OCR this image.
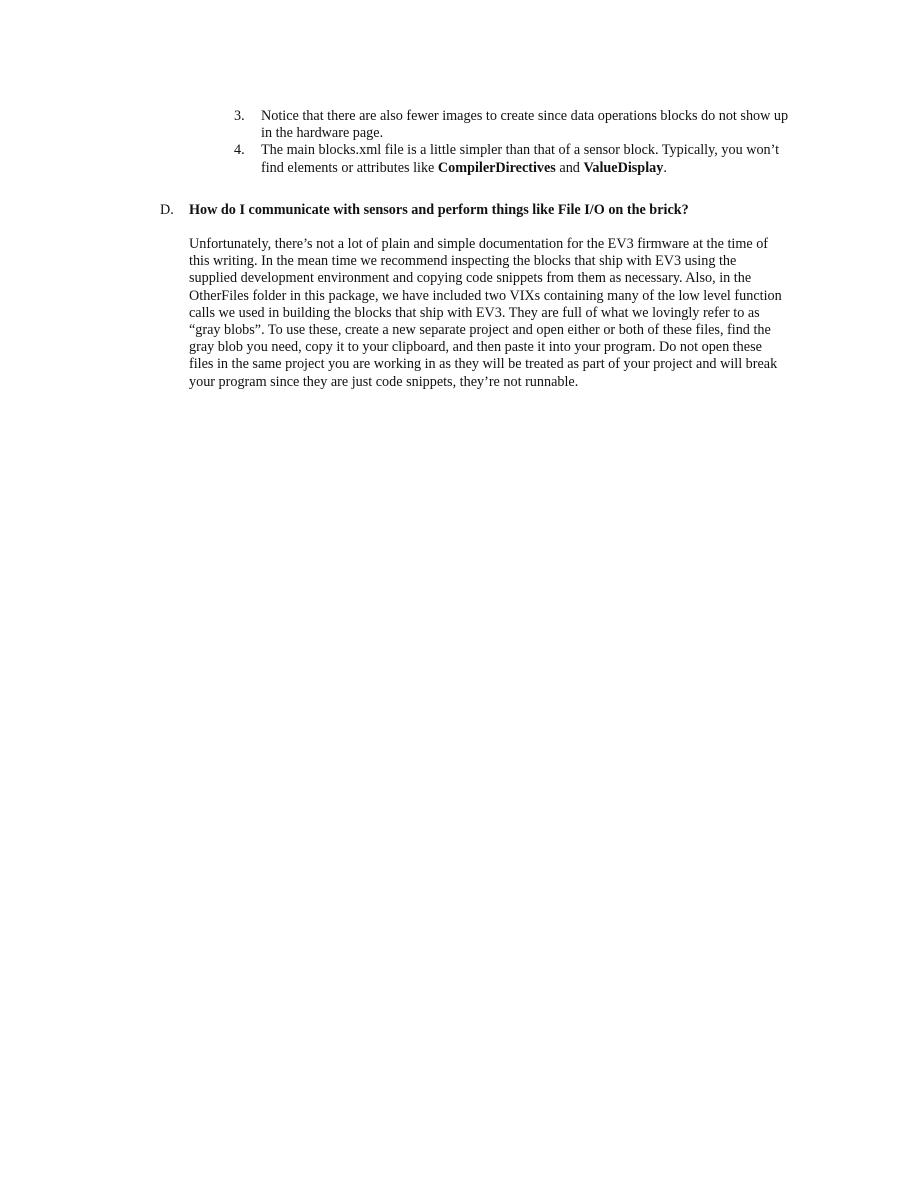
3. Notice that there are also fewer images to create since data operations blocks do not show up in the hardware page.
4. The main blocks.xml file is a little simpler than that of a sensor block. Typically, you won’t find elements or attributes like CompilerDirectives and ValueDisplay.
D. How do I communicate with sensors and perform things like File I/O on the brick?
Unfortunately, there’s not a lot of plain and simple documentation for the EV3 firmware at the time of this writing. In the mean time we recommend inspecting the blocks that ship with EV3 using the supplied development environment and copying code snippets from them as necessary. Also, in the OtherFiles folder in this package, we have included two VIXs containing many of the low level function calls we used in building the blocks that ship with EV3. They are full of what we lovingly refer to as “gray blobs”. To use these, create a new separate project and open either or both of these files, find the gray blob you need, copy it to your clipboard, and then paste it into your program. Do not open these files in the same project you are working in as they will be treated as part of your project and will break your program since they are just code snippets, they’re not runnable.
